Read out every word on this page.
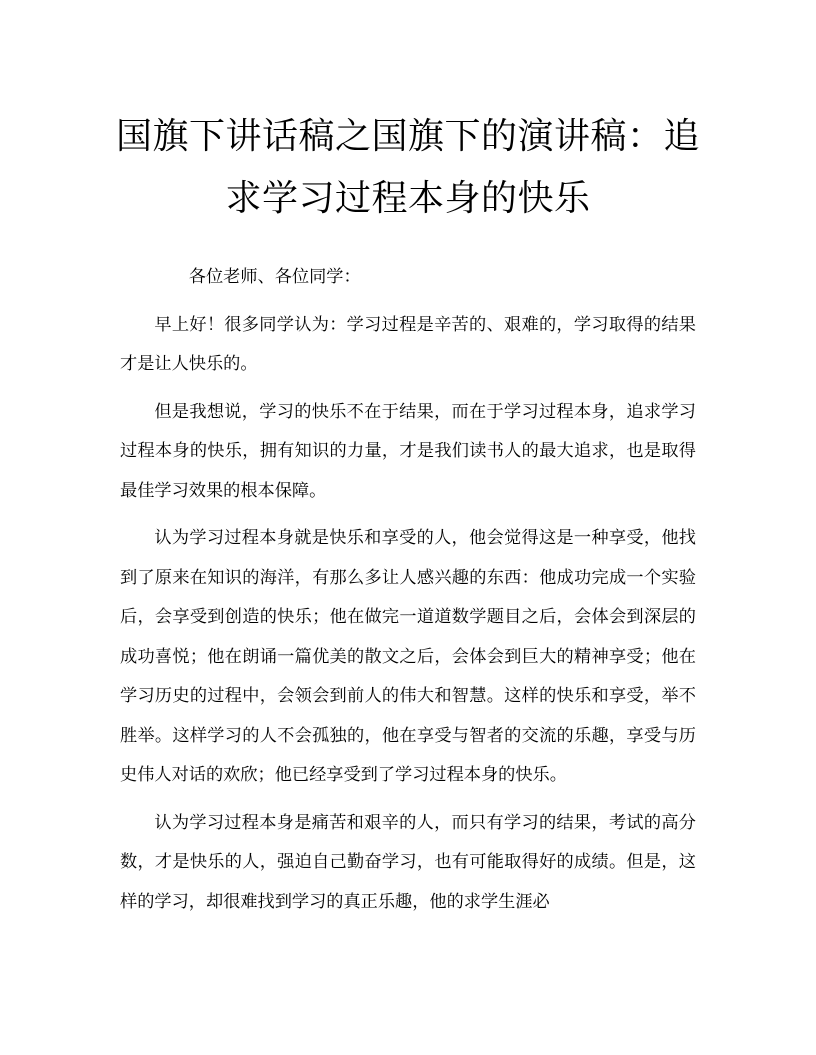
国旗下讲话稿之国旗下的演讲稿：追求学习过程本身的快乐

各位老师、各位同学：

早上好！很多同学认为：学习过程是辛苦的、艰难的，学习取得的结果才是让人快乐的。

但是我想说，学习的快乐不在于结果，而在于学习过程本身，追求学习过程本身的快乐，拥有知识的力量，才是我们读书人的最大追求，也是取得最佳学习效果的根本保障。

认为学习过程本身就是快乐和享受的人，他会觉得这是一种享受，他找到了原来在知识的海洋，有那么多让人感兴趣的东西：他成功完成一个实验后，会享受到创造的快乐；他在做完一道道数学题目之后，会体会到深层的成功喜悦；他在朗诵一篇优美的散文之后，会体会到巨大的精神享受；他在学习历史的过程中，会领会到前人的伟大和智慧。这样的快乐和享受，举不胜举。这样学习的人不会孤独的，他在享受与智者的交流的乐趣，享受与历史伟人对话的欢欣；他已经享受到了学习过程本身的快乐。

认为学习过程本身是痛苦和艰辛的人，而只有学习的结果，考试的高分数，才是快乐的人，强迫自己勤奋学习，也有可能取得好的成绩。但是，这样的学习，却很难找到学习的真正乐趣，他的求学生涯必
